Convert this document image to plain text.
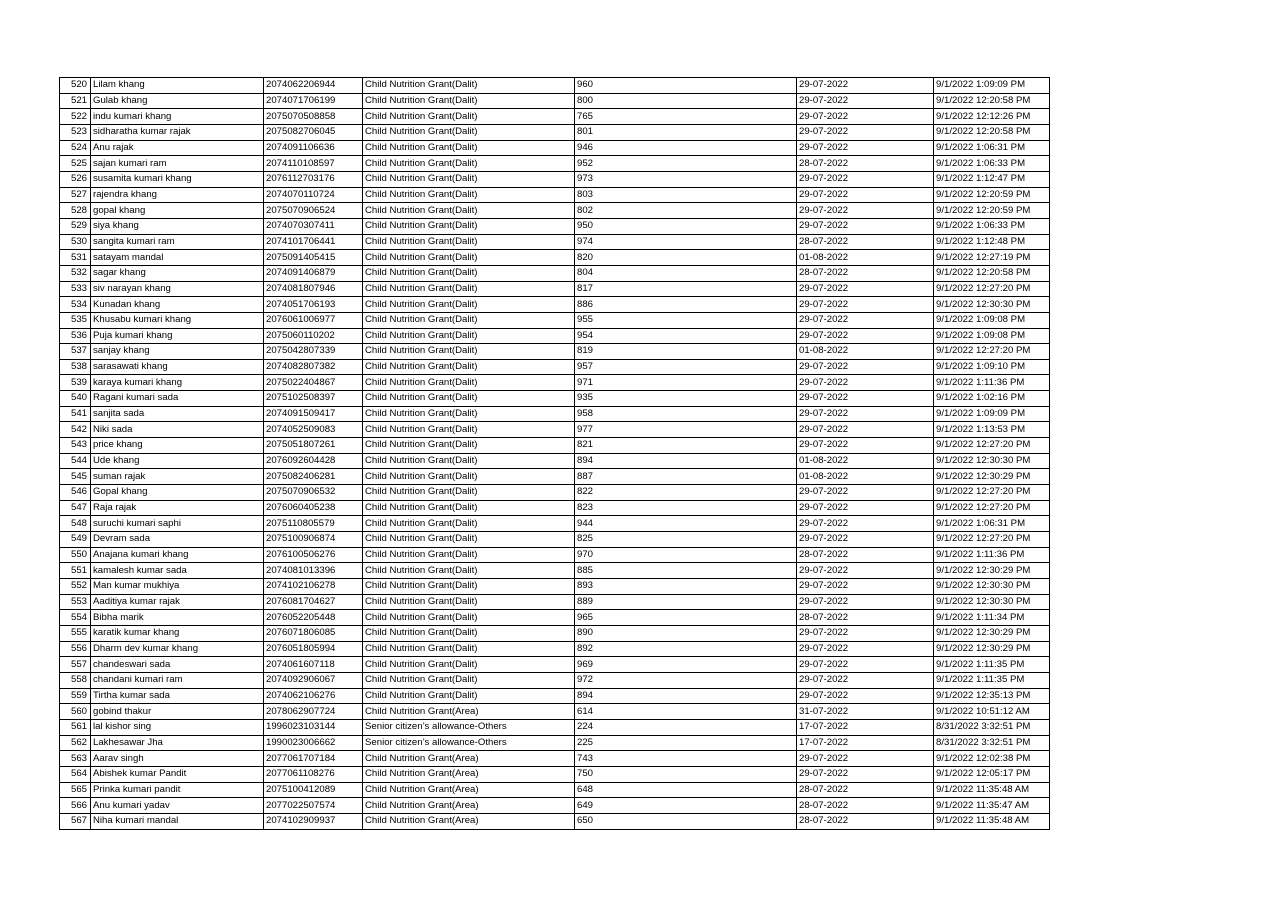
520	Lilam khang	2074062206944	Child Nutrition Grant(Dalit)	960	29-07-2022	9/1/2022 1:09:09 PM
521	Gulab khang	2074071706199	Child Nutrition Grant(Dalit)	800	29-07-2022	9/1/2022 12:20:58 PM
522	indu kumari khang	2075070508858	Child Nutrition Grant(Dalit)	765	29-07-2022	9/1/2022 12:12:26 PM
523	sidharatha kumar rajak	2075082706045	Child Nutrition Grant(Dalit)	801	29-07-2022	9/1/2022 12:20:58 PM
524	Anu rajak	2074091106636	Child Nutrition Grant(Dalit)	946	29-07-2022	9/1/2022 1:06:31 PM
525	sajan kumari ram	2074110108597	Child Nutrition Grant(Dalit)	952	28-07-2022	9/1/2022 1:06:33 PM
526	susamita kumari khang	2076112703176	Child Nutrition Grant(Dalit)	973	29-07-2022	9/1/2022 1:12:47 PM
527	rajendra khang	2074070110724	Child Nutrition Grant(Dalit)	803	29-07-2022	9/1/2022 12:20:59 PM
528	gopal khang	2075070906524	Child Nutrition Grant(Dalit)	802	29-07-2022	9/1/2022 12:20:59 PM
529	siya khang	2074070307411	Child Nutrition Grant(Dalit)	950	29-07-2022	9/1/2022 1:06:33 PM
530	sangita kumari ram	2074101706441	Child Nutrition Grant(Dalit)	974	28-07-2022	9/1/2022 1:12:48 PM
531	satayam mandal	2075091405415	Child Nutrition Grant(Dalit)	820	01-08-2022	9/1/2022 12:27:19 PM
532	sagar khang	2074091406879	Child Nutrition Grant(Dalit)	804	28-07-2022	9/1/2022 12:20:58 PM
533	siv narayan khang	2074081807946	Child Nutrition Grant(Dalit)	817	29-07-2022	9/1/2022 12:27:20 PM
534	Kunadan khang	2074051706193	Child Nutrition Grant(Dalit)	886	29-07-2022	9/1/2022 12:30:30 PM
535	Khusabu kumari khang	2076061006977	Child Nutrition Grant(Dalit)	955	29-07-2022	9/1/2022 1:09:08 PM
536	Puja kumari khang	2075060110202	Child Nutrition Grant(Dalit)	954	29-07-2022	9/1/2022 1:09:08 PM
537	sanjay khang	2075042807339	Child Nutrition Grant(Dalit)	819	01-08-2022	9/1/2022 12:27:20 PM
538	sarasawati khang	2074082807382	Child Nutrition Grant(Dalit)	957	29-07-2022	9/1/2022 1:09:10 PM
539	karaya kumari khang	2075022404867	Child Nutrition Grant(Dalit)	971	29-07-2022	9/1/2022 1:11:36 PM
540	Ragani kumari sada	2075102508397	Child Nutrition Grant(Dalit)	935	29-07-2022	9/1/2022 1:02:16 PM
541	sanjita sada	2074091509417	Child Nutrition Grant(Dalit)	958	29-07-2022	9/1/2022 1:09:09 PM
542	Niki sada	2074052509083	Child Nutrition Grant(Dalit)	977	29-07-2022	9/1/2022 1:13:53 PM
543	price khang	2075051807261	Child Nutrition Grant(Dalit)	821	29-07-2022	9/1/2022 12:27:20 PM
544	Ude khang	2076092604428	Child Nutrition Grant(Dalit)	894	01-08-2022	9/1/2022 12:30:30 PM
545	suman rajak	2075082406281	Child Nutrition Grant(Dalit)	887	01-08-2022	9/1/2022 12:30:29 PM
546	Gopal khang	2075070906532	Child Nutrition Grant(Dalit)	822	29-07-2022	9/1/2022 12:27:20 PM
547	Raja rajak	2076060405238	Child Nutrition Grant(Dalit)	823	29-07-2022	9/1/2022 12:27:20 PM
548	suruchi kumari saphi	2075110805579	Child Nutrition Grant(Dalit)	944	29-07-2022	9/1/2022 1:06:31 PM
549	Devram sada	2075100906874	Child Nutrition Grant(Dalit)	825	29-07-2022	9/1/2022 12:27:20 PM
550	Anajana kumari khang	2076100506276	Child Nutrition Grant(Dalit)	970	28-07-2022	9/1/2022 1:11:36 PM
551	kamalesh kumar sada	2074081013396	Child Nutrition Grant(Dalit)	885	29-07-2022	9/1/2022 12:30:29 PM
552	Man kumar mukhiya	2074102106278	Child Nutrition Grant(Dalit)	893	29-07-2022	9/1/2022 12:30:30 PM
553	Aaditiya kumar rajak	2076081704627	Child Nutrition Grant(Dalit)	889	29-07-2022	9/1/2022 12:30:30 PM
554	Bibha marik	2076052205448	Child Nutrition Grant(Dalit)	965	28-07-2022	9/1/2022 1:11:34 PM
555	karatik kumar khang	2076071806085	Child Nutrition Grant(Dalit)	890	29-07-2022	9/1/2022 12:30:29 PM
556	Dharm dev kumar khang	2076051805994	Child Nutrition Grant(Dalit)	892	29-07-2022	9/1/2022 12:30:29 PM
557	chandeswari sada	2074061607118	Child Nutrition Grant(Dalit)	969	29-07-2022	9/1/2022 1:11:35 PM
558	chandani kumari ram	2074092906067	Child Nutrition Grant(Dalit)	972	29-07-2022	9/1/2022 1:11:35 PM
559	Tirtha kumar sada	2074062106276	Child Nutrition Grant(Dalit)	894	29-07-2022	9/1/2022 12:35:13 PM
560	gobind thakur	2078062907724	Child Nutrition Grant(Area)	614	31-07-2022	9/1/2022 10:51:12 AM
561	lal kishor sing	1996023103144	Senior citizen’s allowance-Others	224	17-07-2022	8/31/2022 3:32:51 PM
562	Lakhesawar Jha	1990023006662	Senior citizen’s allowance-Others	225	17-07-2022	8/31/2022 3:32:51 PM
563	Aarav singh	2077061707184	Child Nutrition Grant(Area)	743	29-07-2022	9/1/2022 12:02:38 PM
564	Abishek kumar Pandit	2077061108276	Child Nutrition Grant(Area)	750	29-07-2022	9/1/2022 12:05:17 PM
565	Prinka kumari pandit	2075100412089	Child Nutrition Grant(Area)	648	28-07-2022	9/1/2022 11:35:48 AM
566	Anu kumari yadav	2077022507574	Child Nutrition Grant(Area)	649	28-07-2022	9/1/2022 11:35:47 AM
567	Niha kumari mandal	2074102909937	Child Nutrition Grant(Area)	650	28-07-2022	9/1/2022 11:35:48 AM
